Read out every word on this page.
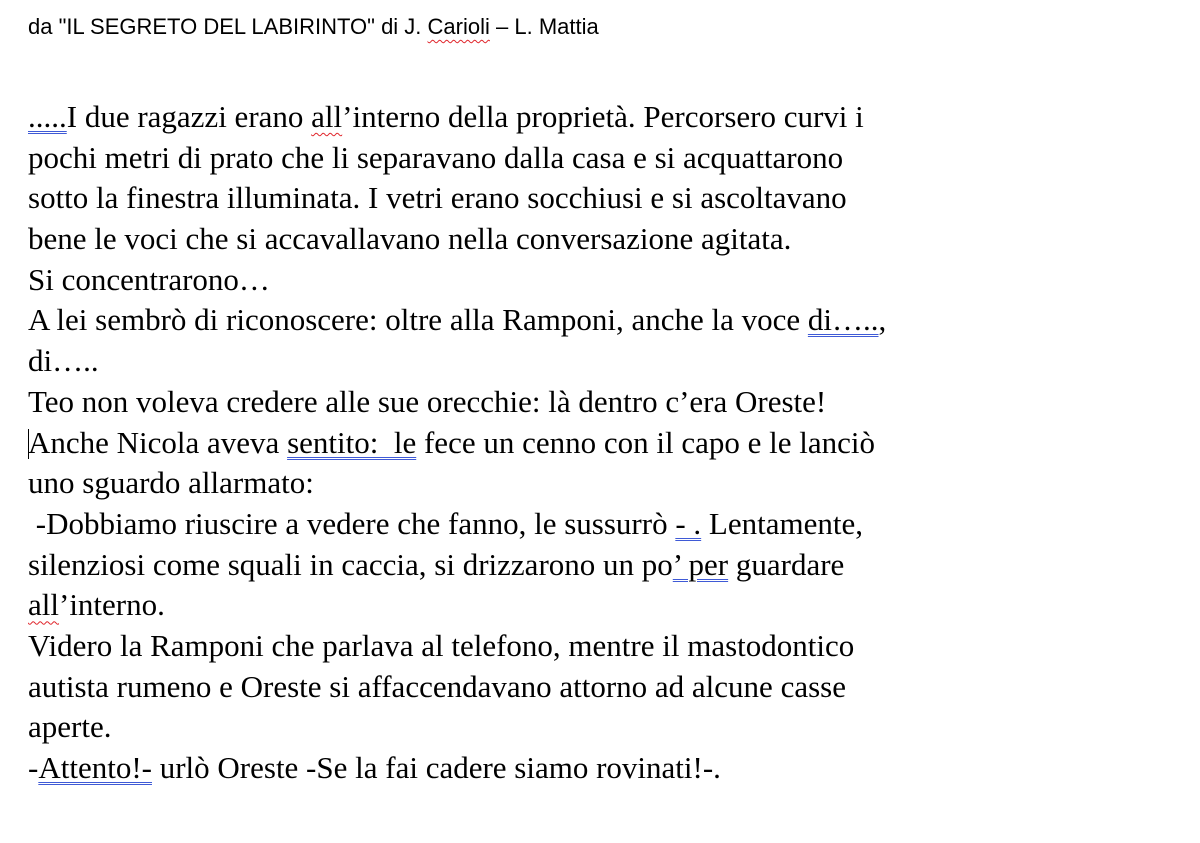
da "IL SEGRETO DEL LABIRINTO" di J. Carioli – L. Mattia
.....I due ragazzi erano all’interno della proprietà. Percorsero curvi i
pochi metri di prato che li separavano dalla casa e si acquattarono
sotto la finestra illuminata. I vetri erano socchiusi e si ascoltavano
bene le voci che si accavallavano nella conversazione agitata.
Si concentrarono…
A lei sembrò di riconoscere: oltre alla Ramponi, anche la voce di…..,
di…..
Teo non voleva credere alle sue orecchie: là dentro c’era Oreste!
Anche Nicola aveva sentito:  le fece un cenno con il capo e le lanciò
uno sguardo allarmato:
-Dobbiamo riuscire a vedere che fanno, le sussurrò - . Lentamente,
silenziosi come squali in caccia, si drizzarono un po’ per guardare
all’interno.
Videro la Ramponi che parlava al telefono, mentre il mastodontico
autista rumeno e Oreste si affaccendavano attorno ad alcune casse
aperte.
-Attento!- urlò Oreste -Se la fai cadere siamo rovinati!-.
